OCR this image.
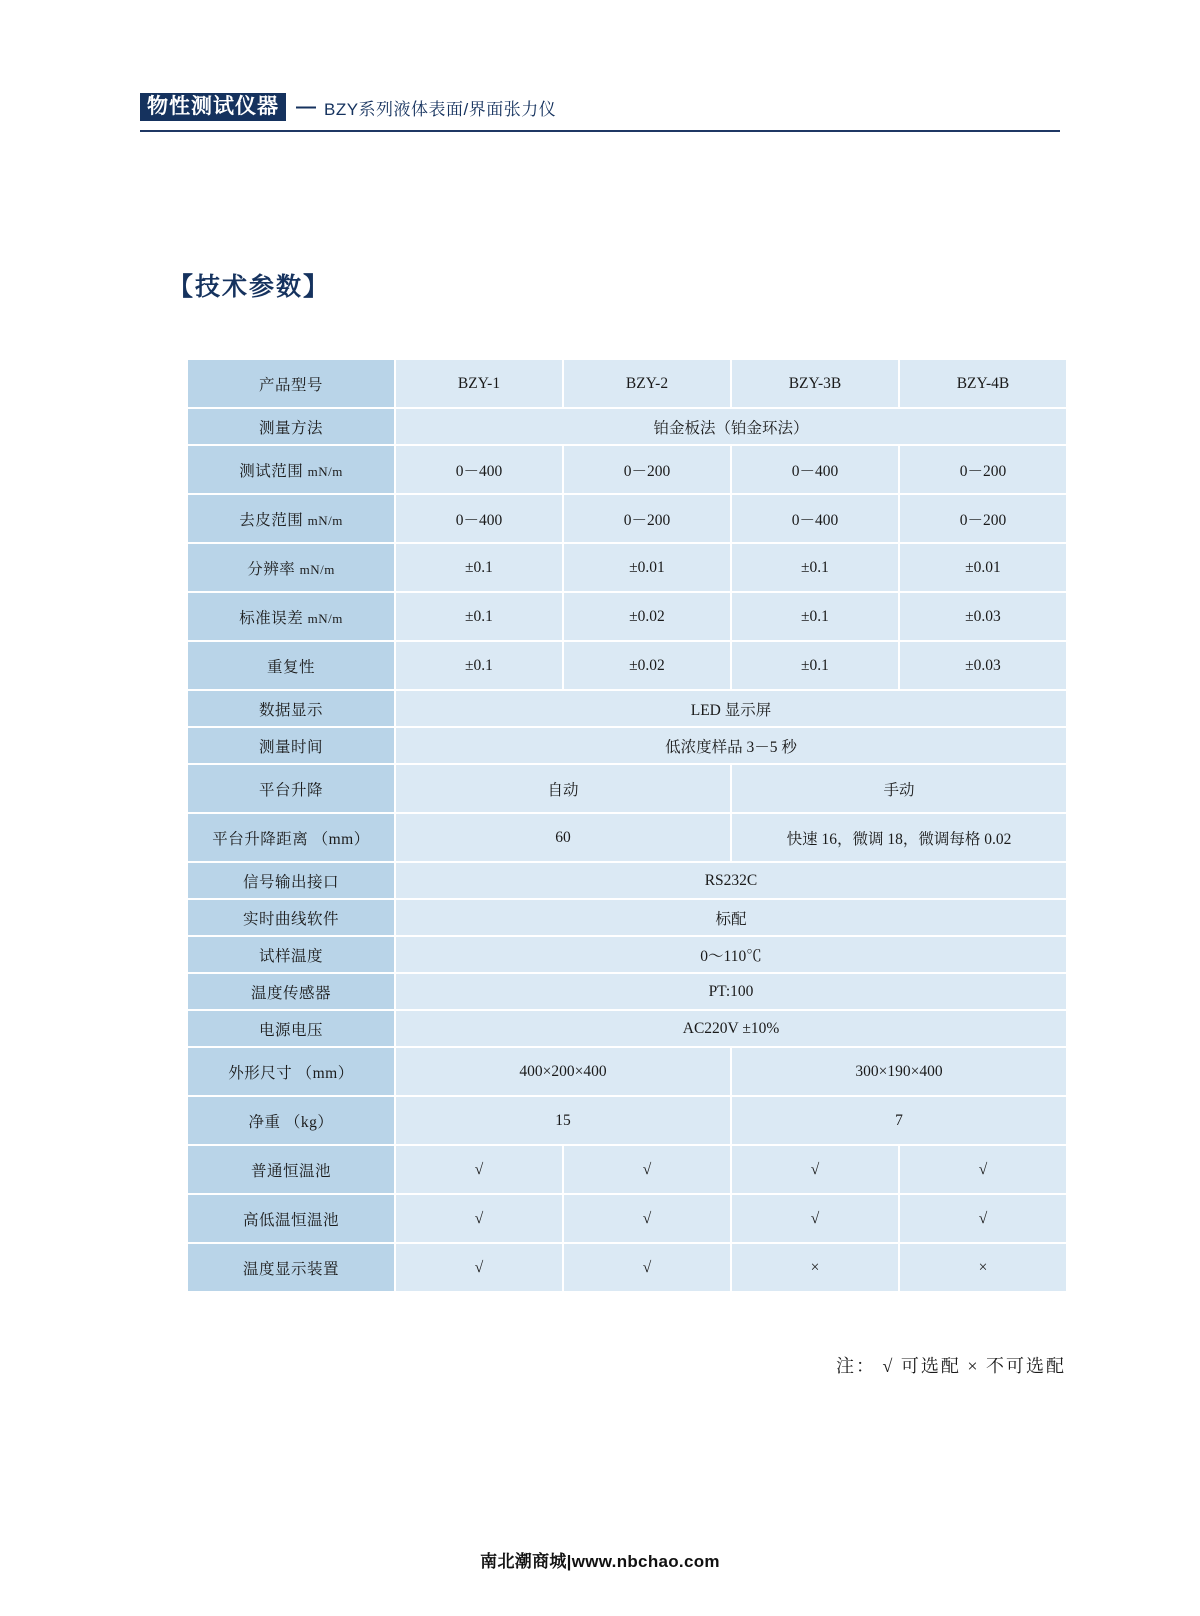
物性测试仪器 — BZY系列液体表面/界面张力仪
【技术参数】
产品型号	BZY-1	BZY-2	BZY-3B	BZY-4B
测量方法	铂金板法（铂金环法）			
测试范围 mN/m	0－400	0－200	0－400	0－200
去皮范围 mN/m	0－400	0－200	0－400	0－200
分辨率 mN/m	±0.1	±0.01	±0.1	±0.01
标准误差 mN/m	±0.1	±0.02	±0.1	±0.03
重复性	±0.1	±0.02	±0.1	±0.03
数据显示	LED 显示屏			
测量时间	低浓度样品 3－5 秒			
平台升降	自动		手动	
平台升降距离 （mm）	60		快速 16，微调 18，微调每格 0.02	
信号输出接口	RS232C			
实时曲线软件	标配			
试样温度	0～110℃			
温度传感器	PT:100			
电源电压	AC220V ±10%			
外形尺寸 （mm）	400×200×400		300×190×400	
净重 （kg）	15		7	
普通恒温池	√	√	√	√
高低温恒温池	√	√	√	√
温度显示装置	√	√	×	×
注： √ 可选配 × 不可选配
南北潮商城|www.nbchao.com
